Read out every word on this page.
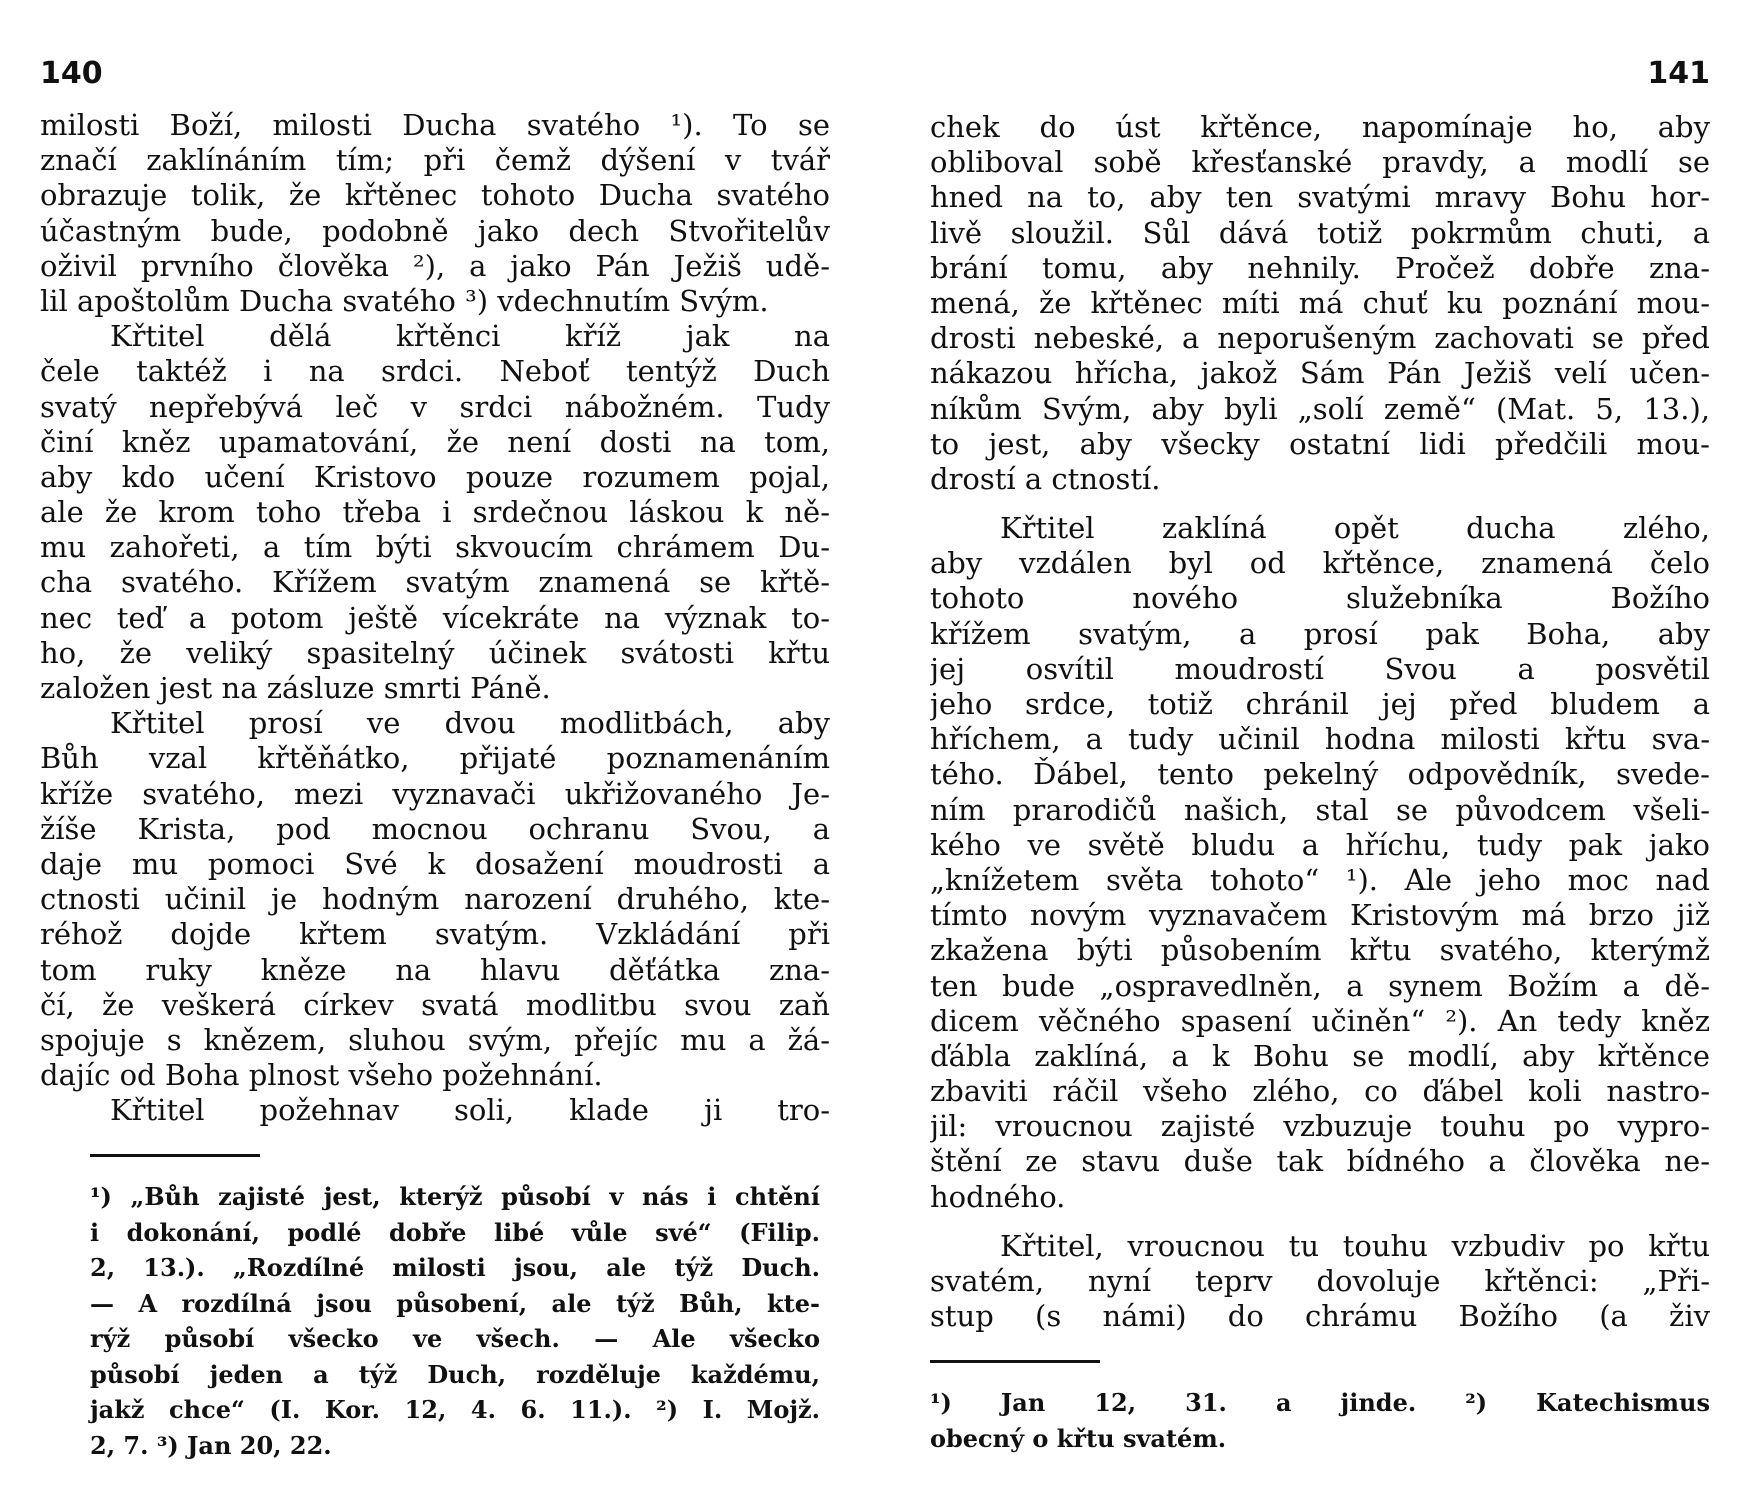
140
milosti Boží, milosti Ducha svatého ¹). To se
značí zaklínáním tím; při čemž dýšení v tvář
obrazuje tolik, že křtěnec tohoto Ducha svatého
účastným bude, podobně jako dech Stvořitelův
oživil prvního člověka ²), a jako Pán Ježiš udě-
lil apoštolům Ducha svatého ³) vdechnutím Svým.
Křtitel dělá křtěnci kříž jak na
čele taktéž i na srdci. Neboť tentýž Duch
svatý nepřebývá leč v srdci nábožném. Tudy
činí kněz upamatování, že není dosti na tom,
aby kdo učení Kristovo pouze rozumem pojal,
ale že krom toho třeba i srdečnou láskou k ně-
mu zahořeti, a tím býti skvoucím chrámem Du-
cha svatého. Křížem svatým znamená se křtě-
nec teď a potom ještě vícekráte na význak to-
ho, že veliký spasitelný účinek svátosti křtu
založen jest na zásluze smrti Páně.
Křtitel prosí ve dvou modlitbách, aby
Bůh vzal křtěňátko, přijaté poznamenáním
kříže svatého, mezi vyznavači ukřižovaného Je-
žíše Krista, pod mocnou ochranu Svou, a
daje mu pomoci Své k dosažení moudrosti a
ctnosti učinil je hodným narození druhého, kte-
réhož dojde křtem svatým. Vzkládání při
tom ruky kněze na hlavu děťátka zna-
čí, že veškerá církev svatá modlitbu svou zaň
spojuje s knězem, sluhou svým, přejíc mu a žá-
dajíc od Boha plnost všeho požehnání.
Křtitel požehnav soli, klade ji tro-
¹) „Bůh zajisté jest, kterýž působí v nás i chtění
i dokonání, podlé dobře libé vůle své“ (Filip.
2, 13.). „Rozdílné milosti jsou, ale týž Duch.
— A rozdílná jsou působení, ale týž Bůh, kte-
rýž působí všecko ve všech. — Ale všecko
působí jeden a týž Duch, rozděluje každému,
jakž chce“ (I. Kor. 12, 4. 6. 11.). ²) I. Mojž.
2, 7. ³) Jan 20, 22.
141
chek do úst křtěnce, napomínaje ho, aby
obliboval sobě křesťanské pravdy, a modlí se
hned na to, aby ten svatými mravy Bohu hor-
livě sloužil. Sůl dává totiž pokrmům chuti, a
brání tomu, aby nehnily. Pročež dobře zna-
mená, že křtěnec míti má chuť ku poznání mou-
drosti nebeské, a neporušeným zachovati se před
nákazou hřícha, jakož Sám Pán Ježiš velí učen-
níkům Svým, aby byli „solí země“ (Mat. 5, 13.),
to jest, aby všecky ostatní lidi předčili mou-
drostí a ctností.
Křtitel zaklíná opět ducha zlého,
aby vzdálen byl od křtěnce, znamená čelo
tohoto nového služebníka Božího
křížem svatým, a prosí pak Boha, aby
jej osvítil moudrostí Svou a posvětil
jeho srdce, totiž chránil jej před bludem a
hříchem, a tudy učinil hodna milosti křtu sva-
tého. Ďábel, tento pekelný odpovědník, svede-
ním prarodičů našich, stal se původcem všeli-
kého ve světě bludu a hříchu, tudy pak jako
„knížetem světa tohoto“ ¹). Ale jeho moc nad
tímto novým vyznavačem Kristovým má brzo již
zkažena býti působením křtu svatého, kterýmž
ten bude „ospravedlněn, a synem Božím a dě-
dicem věčného spasení učiněn“ ²). An tedy kněz
ďábla zaklíná, a k Bohu se modlí, aby křtěnce
zbaviti ráčil všeho zlého, co ďábel koli nastro-
jil: vroucnou zajisté vzbuzuje touhu po vypro-
štění ze stavu duše tak bídného a člověka ne-
hodného.
Křtitel, vroucnou tu touhu vzbudiv po křtu
svatém, nyní teprv dovoluje křtěnci: „Při-
stup (s námi) do chrámu Božího (a živ
¹) Jan 12, 31. a jinde. ²) Katechismus
obecný o křtu svatém.
